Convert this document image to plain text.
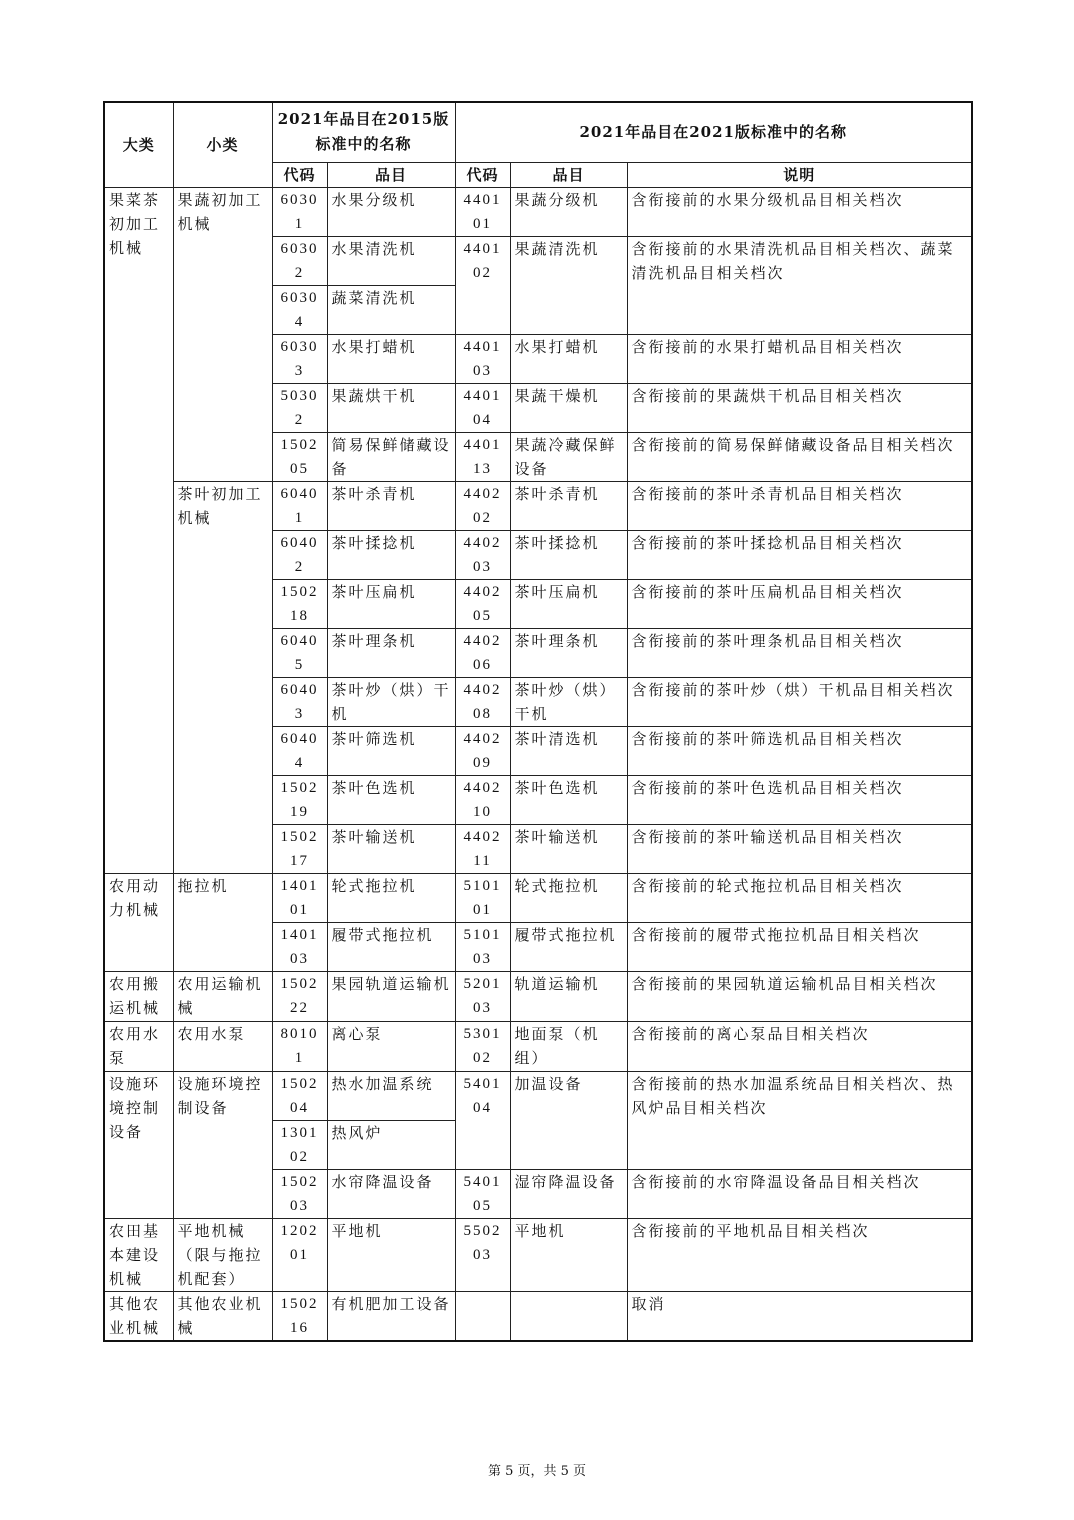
大类	小类	2021年品目在2015版标准中的名称		2021年品目在2021版标准中的名称		
		代码	品目	代码	品目	说明
果菜茶初加工机械	果蔬初加工机械	60301	水果分级机	440101	果蔬分级机	含衔接前的水果分级机品目相关档次
		60302	水果清洗机	440102	果蔬清洗机	含衔接前的水果清洗机品目相关档次、蔬菜清洗机品目相关档次
		60304	蔬菜清洗机			
		60303	水果打蜡机	440103	水果打蜡机	含衔接前的水果打蜡机品目相关档次
		50302	果蔬烘干机	440104	果蔬干燥机	含衔接前的果蔬烘干机品目相关档次
		150205	简易保鲜储藏设备	440113	果蔬冷藏保鲜设备	含衔接前的简易保鲜储藏设备品目相关档次
	茶叶初加工机械	60401	茶叶杀青机	440202	茶叶杀青机	含衔接前的茶叶杀青机品目相关档次
		60402	茶叶揉捻机	440203	茶叶揉捻机	含衔接前的茶叶揉捻机品目相关档次
		150218	茶叶压扁机	440205	茶叶压扁机	含衔接前的茶叶压扁机品目相关档次
		60405	茶叶理条机	440206	茶叶理条机	含衔接前的茶叶理条机品目相关档次
		60403	茶叶炒（烘）干机	440208	茶叶炒（烘）干机	含衔接前的茶叶炒（烘）干机品目相关档次
		60404	茶叶筛选机	440209	茶叶清选机	含衔接前的茶叶筛选机品目相关档次
		150219	茶叶色选机	440210	茶叶色选机	含衔接前的茶叶色选机品目相关档次
		150217	茶叶输送机	440211	茶叶输送机	含衔接前的茶叶输送机品目相关档次
农用动力机械	拖拉机	140101	轮式拖拉机	510101	轮式拖拉机	含衔接前的轮式拖拉机品目相关档次
		140103	履带式拖拉机	510103	履带式拖拉机	含衔接前的履带式拖拉机品目相关档次
农用搬运机械	农用运输机械	150222	果园轨道运输机	520103	轨道运输机	含衔接前的果园轨道运输机品目相关档次
农用水泵	农用水泵	80101	离心泵	530102	地面泵（机组）	含衔接前的离心泵品目相关档次
设施环境控制设备	设施环境控制设备	150204	热水加温系统	540104	加温设备	含衔接前的热水加温系统品目相关档次、热风炉品目相关档次
		130102	热风炉			
		150203	水帘降温设备	540105	湿帘降温设备	含衔接前的水帘降温设备品目相关档次
农田基本建设机械	平地机械（限与拖拉机配套）	120201	平地机	550203	平地机	含衔接前的平地机品目相关档次
其他农业机械	其他农业机械	150216	有机肥加工设备			取消
第 5 页，共 5 页
